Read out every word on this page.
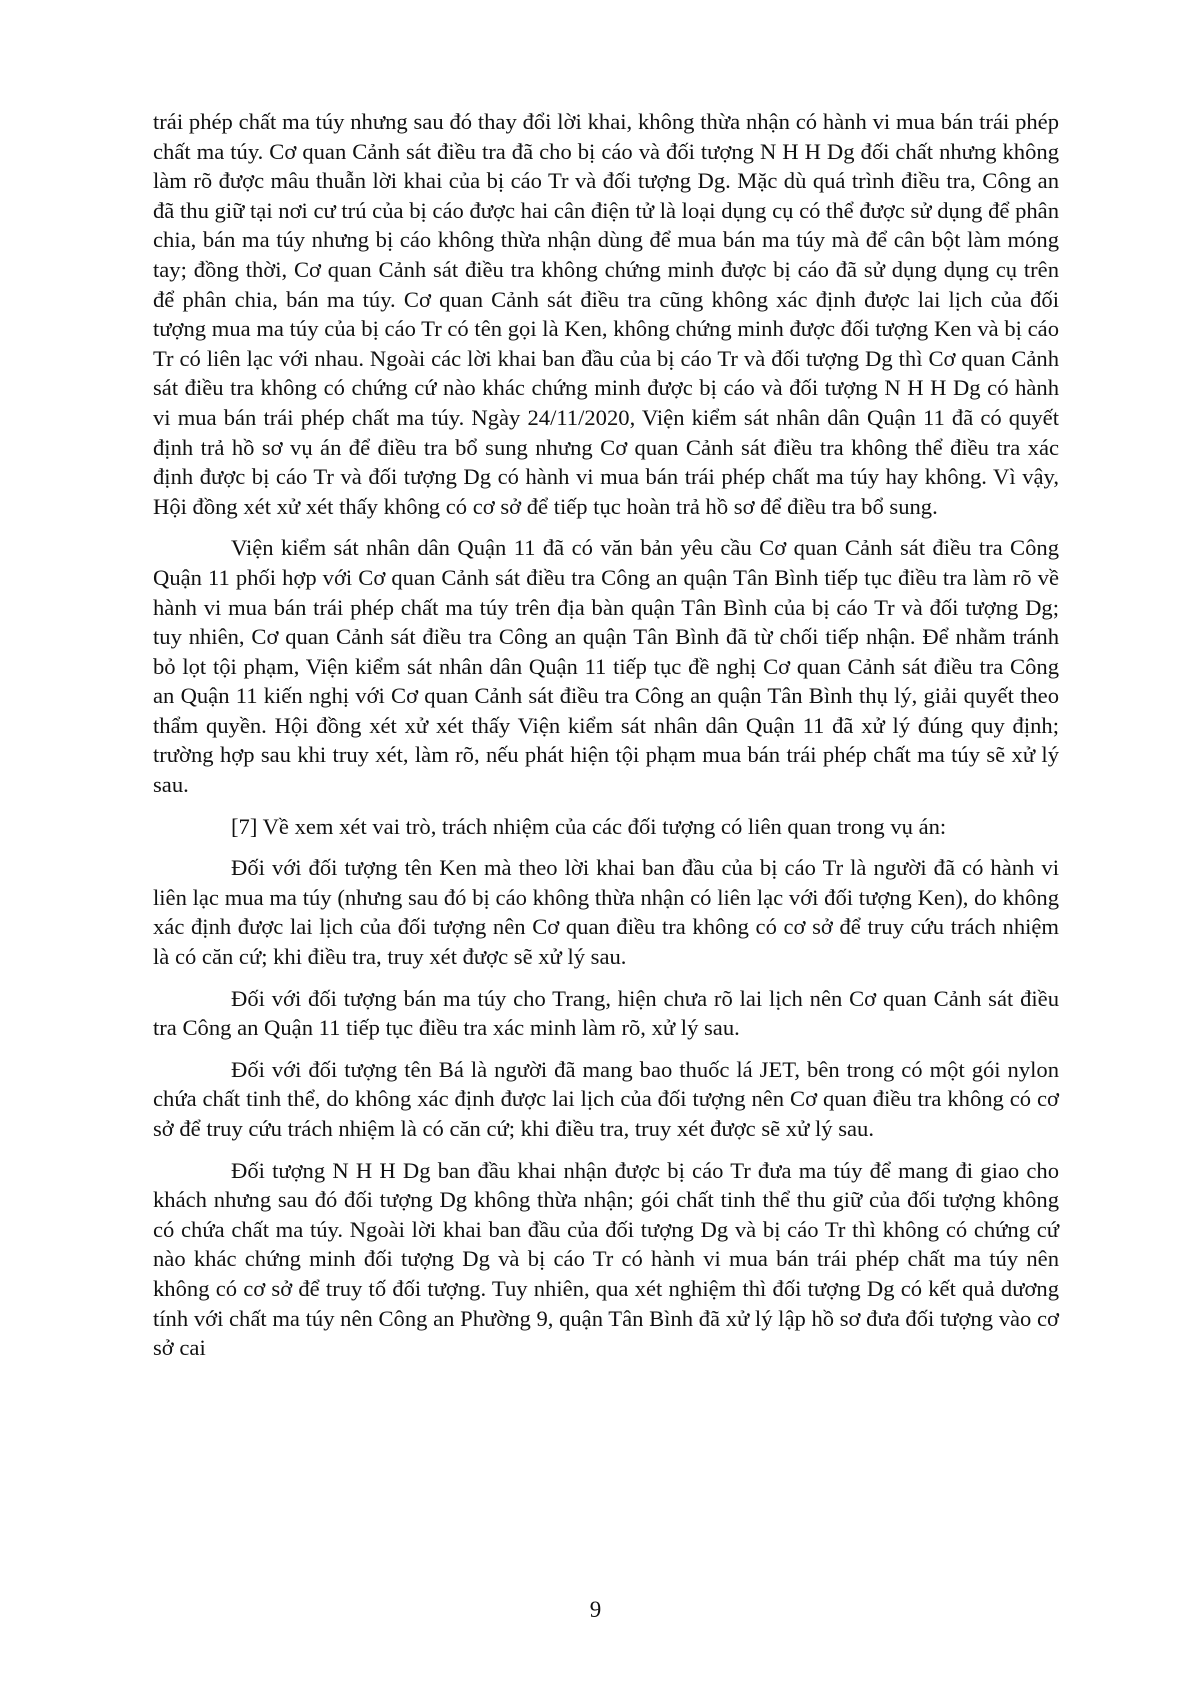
trái phép chất ma túy nhưng sau đó thay đổi lời khai, không thừa nhận có hành vi mua bán trái phép chất ma túy. Cơ quan Cảnh sát điều tra đã cho bị cáo và đối tượng N H H Dg đối chất nhưng không làm rõ được mâu thuẫn lời khai của bị cáo Tr và đối tượng Dg. Mặc dù quá trình điều tra, Công an đã thu giữ tại nơi cư trú của bị cáo được hai cân điện tử là loại dụng cụ có thể được sử dụng để phân chia, bán ma túy nhưng bị cáo không thừa nhận dùng để mua bán ma túy mà để cân bột làm móng tay; đồng thời, Cơ quan Cảnh sát điều tra không chứng minh được bị cáo đã sử dụng dụng cụ trên để phân chia, bán ma túy. Cơ quan Cảnh sát điều tra cũng không xác định được lai lịch của đối tượng mua ma túy của bị cáo Tr có tên gọi là Ken, không chứng minh được đối tượng Ken và bị cáo Tr có liên lạc với nhau. Ngoài các lời khai ban đầu của bị cáo Tr và đối tượng Dg thì Cơ quan Cảnh sát điều tra không có chứng cứ nào khác chứng minh được bị cáo và đối tượng N H H Dg có hành vi mua bán trái phép chất ma túy. Ngày 24/11/2020, Viện kiểm sát nhân dân Quận 11 đã có quyết định trả hồ sơ vụ án để điều tra bổ sung nhưng Cơ quan Cảnh sát điều tra không thể điều tra xác định được bị cáo Tr và đối tượng Dg có hành vi mua bán trái phép chất ma túy hay không. Vì vậy, Hội đồng xét xử xét thấy không có cơ sở để tiếp tục hoàn trả hồ sơ để điều tra bổ sung.

Viện kiểm sát nhân dân Quận 11 đã có văn bản yêu cầu Cơ quan Cảnh sát điều tra Công Quận 11 phối hợp với Cơ quan Cảnh sát điều tra Công an quận Tân Bình tiếp tục điều tra làm rõ về hành vi mua bán trái phép chất ma túy trên địa bàn quận Tân Bình của bị cáo Tr và đối tượng Dg; tuy nhiên, Cơ quan Cảnh sát điều tra Công an quận Tân Bình đã từ chối tiếp nhận. Để nhằm tránh bỏ lọt tội phạm, Viện kiểm sát nhân dân Quận 11 tiếp tục đề nghị Cơ quan Cảnh sát điều tra Công an Quận 11 kiến nghị với Cơ quan Cảnh sát điều tra Công an quận Tân Bình thụ lý, giải quyết theo thẩm quyền. Hội đồng xét xử xét thấy Viện kiểm sát nhân dân Quận 11 đã xử lý đúng quy định; trường hợp sau khi truy xét, làm rõ, nếu phát hiện tội phạm mua bán trái phép chất ma túy sẽ xử lý sau.

[7] Về xem xét vai trò, trách nhiệm của các đối tượng có liên quan trong vụ án:

Đối với đối tượng tên Ken mà theo lời khai ban đầu của bị cáo Tr là người đã có hành vi liên lạc mua ma túy (nhưng sau đó bị cáo không thừa nhận có liên lạc với đối tượng Ken), do không xác định được lai lịch của đối tượng nên Cơ quan điều tra không có cơ sở để truy cứu trách nhiệm là có căn cứ; khi điều tra, truy xét được sẽ xử lý sau.

Đối với đối tượng bán ma túy cho Trang, hiện chưa rõ lai lịch nên Cơ quan Cảnh sát điều tra Công an Quận 11 tiếp tục điều tra xác minh làm rõ, xử lý sau.

Đối với đối tượng tên Bá là người đã mang bao thuốc lá JET, bên trong có một gói nylon chứa chất tinh thể, do không xác định được lai lịch của đối tượng nên Cơ quan điều tra không có cơ sở để truy cứu trách nhiệm là có căn cứ; khi điều tra, truy xét được sẽ xử lý sau.

Đối tượng N H H Dg ban đầu khai nhận được bị cáo Tr đưa ma túy để mang đi giao cho khách nhưng sau đó đối tượng Dg không thừa nhận; gói chất tinh thể thu giữ của đối tượng không có chứa chất ma túy. Ngoài lời khai ban đầu của đối tượng Dg và bị cáo Tr thì không có chứng cứ nào khác chứng minh đối tượng Dg và bị cáo Tr có hành vi mua bán trái phép chất ma túy nên không có cơ sở để truy tố đối tượng. Tuy nhiên, qua xét nghiệm thì đối tượng Dg có kết quả dương tính với chất ma túy nên Công an Phường 9, quận Tân Bình đã xử lý lập hồ sơ đưa đối tượng vào cơ sở cai

9
